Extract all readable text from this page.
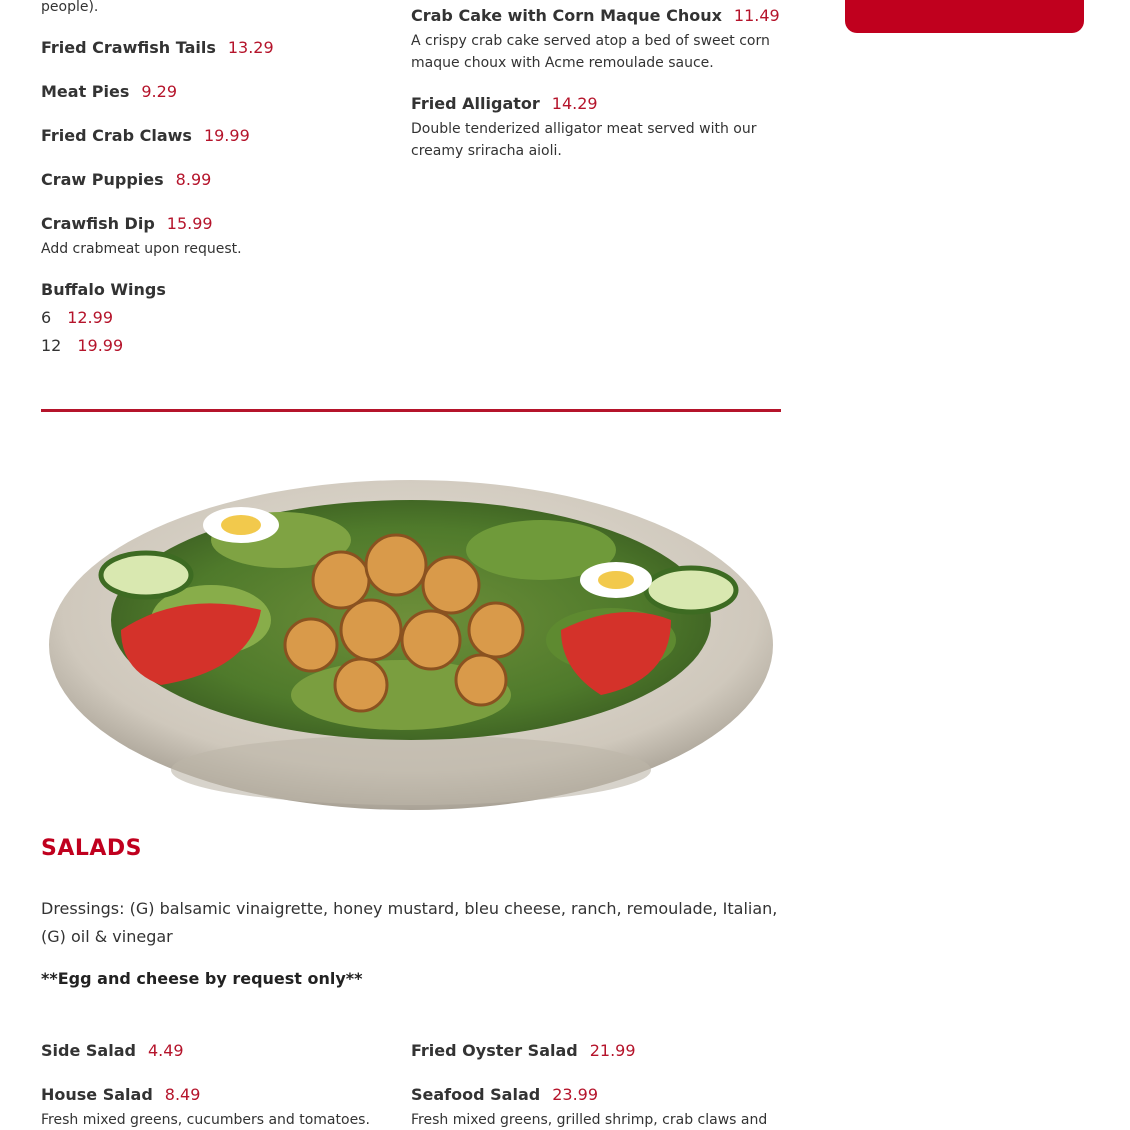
people).
Fried Crawfish Tails 13.29
Meat Pies 9.29
Fried Crab Claws 19.99
Craw Puppies 8.99
Crawfish Dip 15.99
Add crabmeat upon request.
Buffalo Wings
6 12.99
12 19.99
Crab Cake with Corn Maque Choux 11.49
A crispy crab cake served atop a bed of sweet corn maque choux with Acme remoulade sauce.
Fried Alligator 14.29
Double tenderized alligator meat served with our creamy sriracha aioli.
SALADS
Dressings: (G) balsamic vinaigrette, honey mustard, bleu cheese, ranch, remoulade, Italian, (G) oil & vinegar
**Egg and cheese by request only**
Side Salad 4.49	Fried Oyster Salad 21.99
House Salad 8.49
Fresh mixed greens, cucumbers and tomatoes.
Seafood Salad 23.99
Fresh mixed greens, grilled shrimp, crab claws and
